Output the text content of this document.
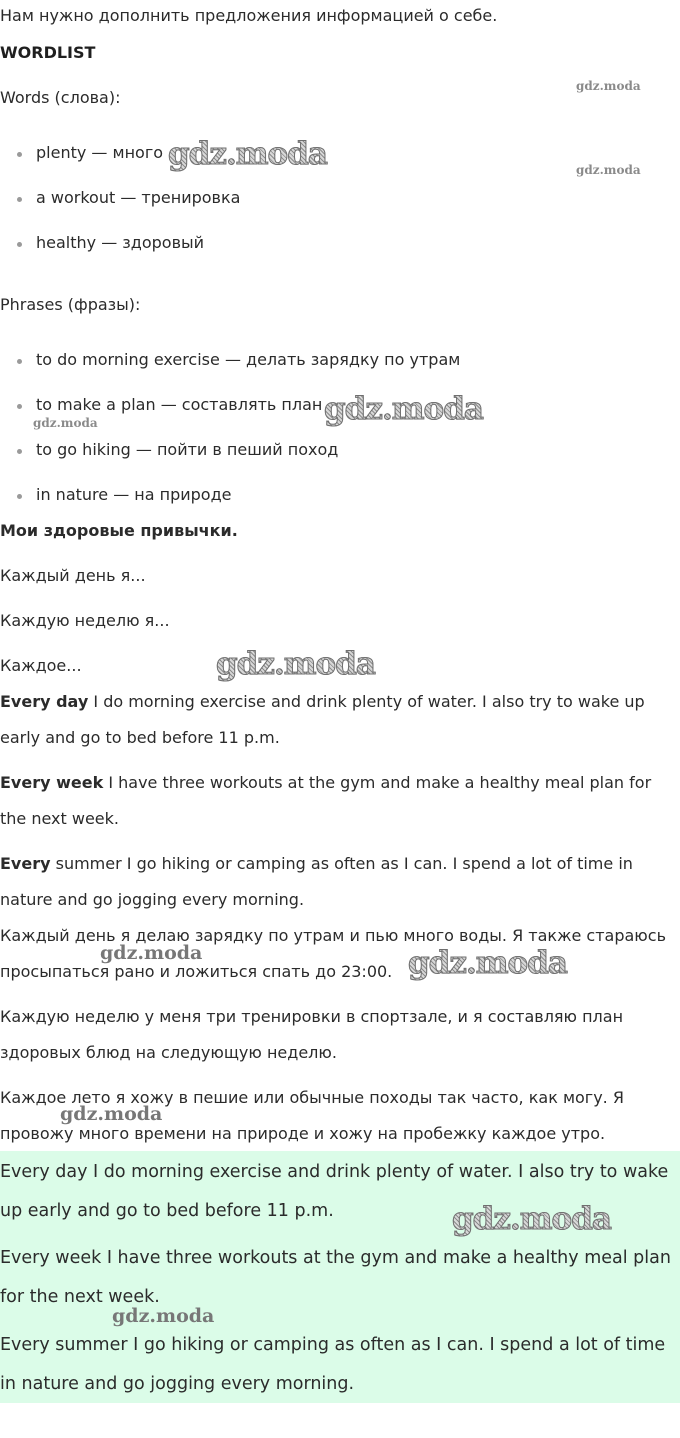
Нам нужно дополнить предложения информацией о себе.

WORDLIST

Words (слова):

plenty — много
a workout — тренировка
healthy — здоровый

Phrases (фразы):

to do morning exercise — делать зарядку по утрам
to make a plan — составлять план
to go hiking — пойти в пеший поход
in nature — на природе

Мои здоровые привычки.

Каждый день я...

Каждую неделю я...

Каждое...

Every day I do morning exercise and drink plenty of water. I also try to wake up early and go to bed before 11 p.m.

Every week I have three workouts at the gym and make a healthy meal plan for the next week.

Every summer I go hiking or camping as often as I can. I spend a lot of time in nature and go jogging every morning.

Каждый день я делаю зарядку по утрам и пью много воды. Я также стараюсь просыпаться рано и ложиться спать до 23:00.

Каждую неделю у меня три тренировки в спортзале, и я составляю план здоровых блюд на следующую неделю.

Каждое лето я хожу в пешие или обычные походы так часто, как могу. Я провожу много времени на природе и хожу на пробежку каждое утро.

Every day I do morning exercise and drink plenty of water. I also try to wake up early and go to bed before 11 p.m.

Every week I have three workouts at the gym and make a healthy meal plan for the next week.

Every summer I go hiking or camping as often as I can. I spend a lot of time in nature and go jogging every morning.

gdz.moda
gdz.moda	gdz.moda
gdz.moda
gdz.moda
gdz.moda
gdz.moda	gdz.moda
gdz.moda
gdz.moda
